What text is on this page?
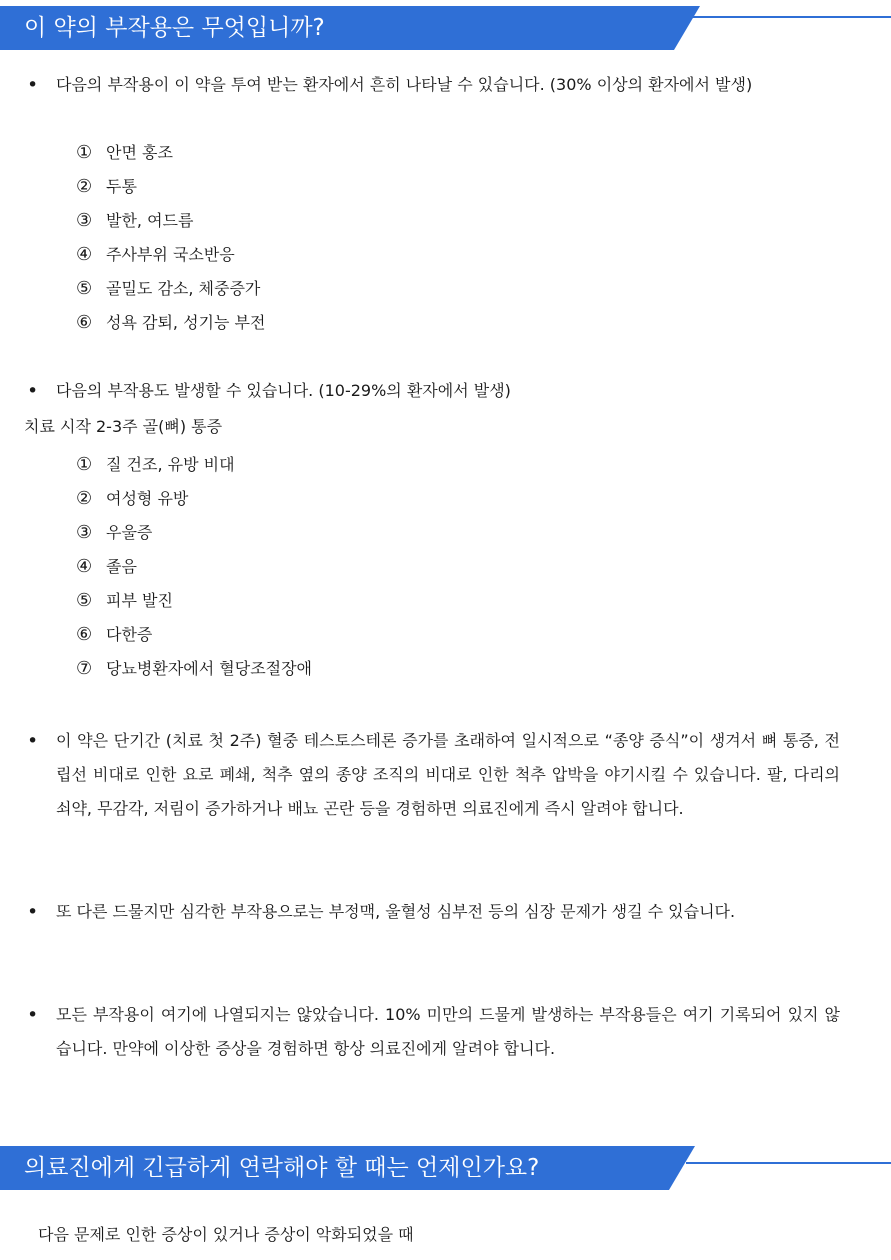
이 약의 부작용은 무엇입니까?
• 다음의 부작용이 이 약을 투여 받는 환자에서 흔히 나타날 수 있습니다. (30% 이상의 환자에서 발생)
① 안면 홍조
② 두통
③ 발한, 여드름
④ 주사부위 국소반응
⑤ 골밀도 감소, 체중증가
⑥ 성욕 감퇴, 성기능 부전
• 다음의 부작용도 발생할 수 있습니다. (10-29%의 환자에서 발생)
치료 시작 2-3주 골(뼈) 통증
① 질 건조, 유방 비대
② 여성형 유방
③ 우울증
④ 졸음
⑤ 피부 발진
⑥ 다한증
⑦ 당뇨병환자에서 혈당조절장애
• 이 약은 단기간 (치료 첫 2주) 혈중 테스토스테론 증가를 초래하여 일시적으로 “종양 증식”이 생겨서 뼈 통증, 전립선 비대로 인한 요로 폐쇄, 척추 옆의 종양 조직의 비대로 인한 척추 압박을 야기시킬 수 있습니다. 팔, 다리의 쇠약, 무감각, 저림이 증가하거나 배뇨 곤란 등을 경험하면 의료진에게 즉시 알려야 합니다.
• 또 다른 드물지만 심각한 부작용으로는 부정맥, 울혈성 심부전 등의 심장 문제가 생길 수 있습니다.
• 모든 부작용이 여기에 나열되지는 않았습니다. 10% 미만의 드물게 발생하는 부작용들은 여기 기록되어 있지 않습니다. 만약에 이상한 증상을 경험하면 항상 의료진에게 알려야 합니다.
의료진에게 긴급하게 연락해야 할 때는 언제인가요?
다음 문제로 인한 증상이 있거나 증상이 악화되었을 때
